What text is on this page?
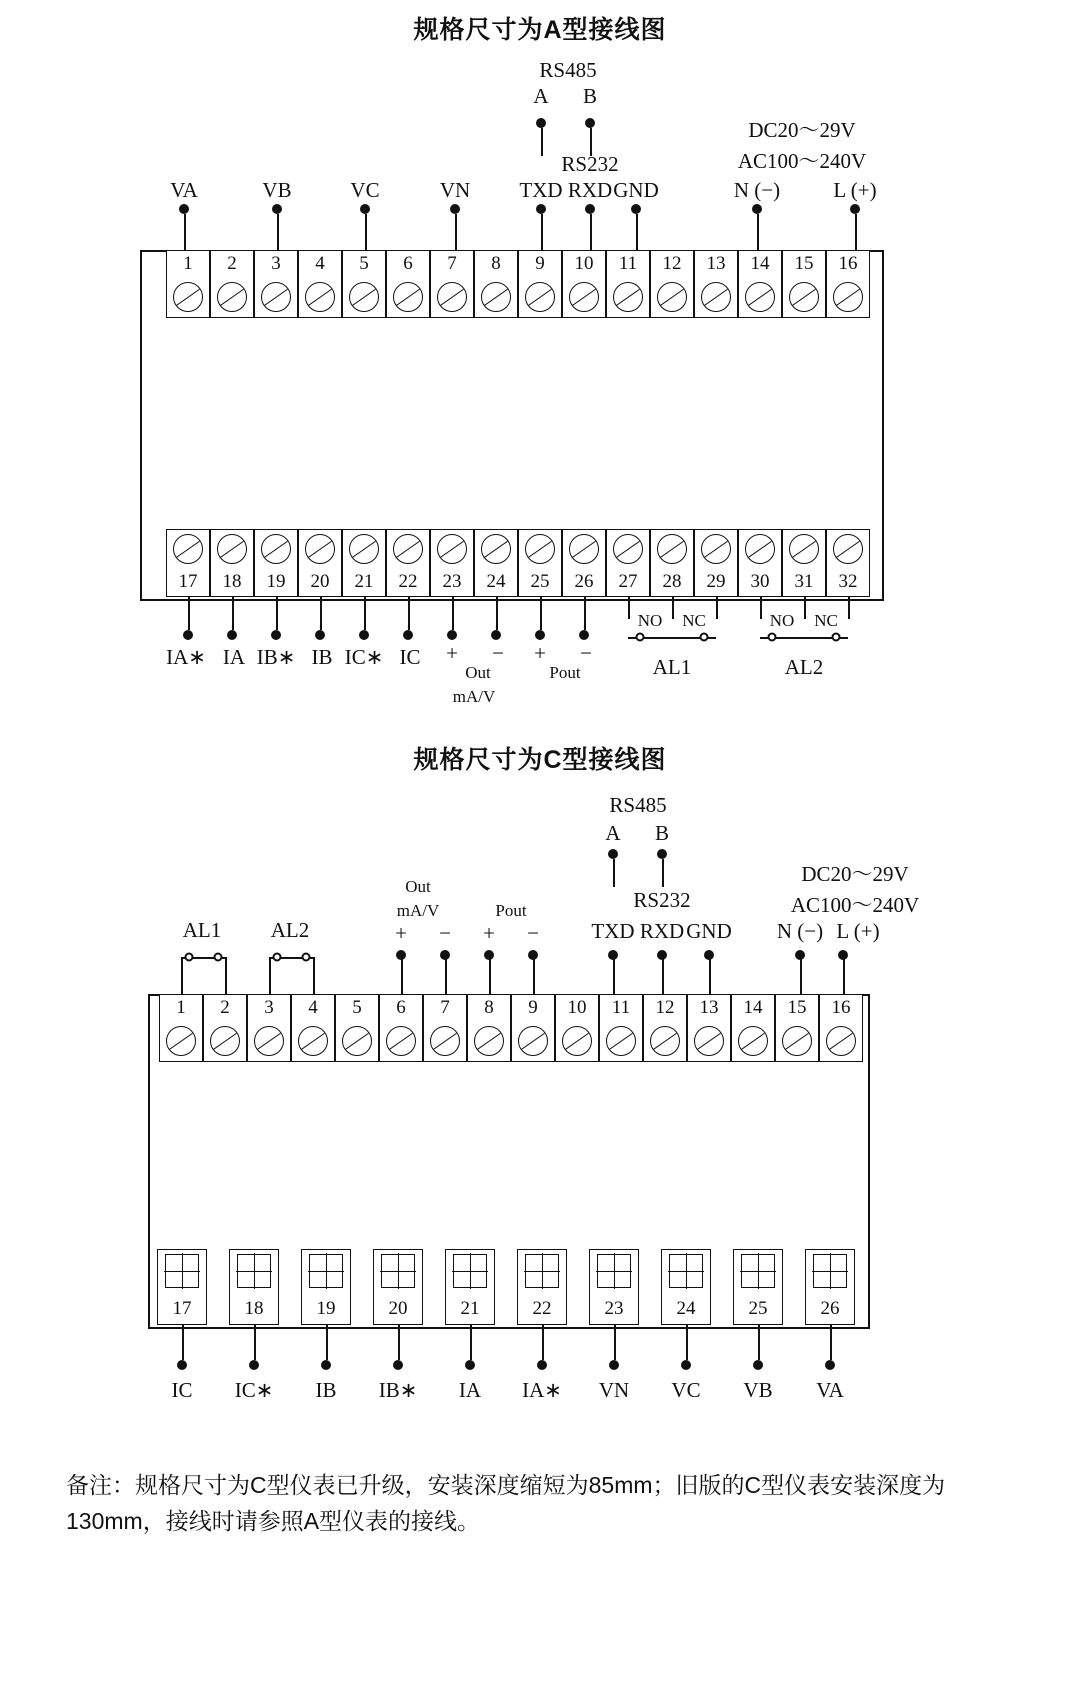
规格尺寸为A型接线图
RS485
A B
RS232
DC20～29V
AC100～240V
VA	VB	VC	VN TXD RXD GND	N (−)	L (+)
1	2	3	4	5	6	7	8	9	10	11	12	13	14	15	16
17	18	19	20	21	22	23	24	25	26	27	28	29	30	31	32
IA∗ IA IB∗ IB IC∗ IC + − + −
Out
mA/V
Pout
NO NC
AL1
NO NC
AL2
规格尺寸为C型接线图
RS485
A B
RS232
DC20～29V
AC100～240V
N (−) L (+)
AL1 AL2
Out
mA/V
+ −
Pout
+ − TXD RXD GND
1	2	3	4	5	6	7	8	9	10	11	12	13	14	15	16
17	18	19	20	21	22	23	24	25	26
IC IC∗ IB IB∗ IA IA∗ VN VC VB VA
备注：规格尺寸为C型仪表已升级，安装深度缩短为85mm；旧版的C型仪表安装深度为130mm，接线时请参照A型仪表的接线。
